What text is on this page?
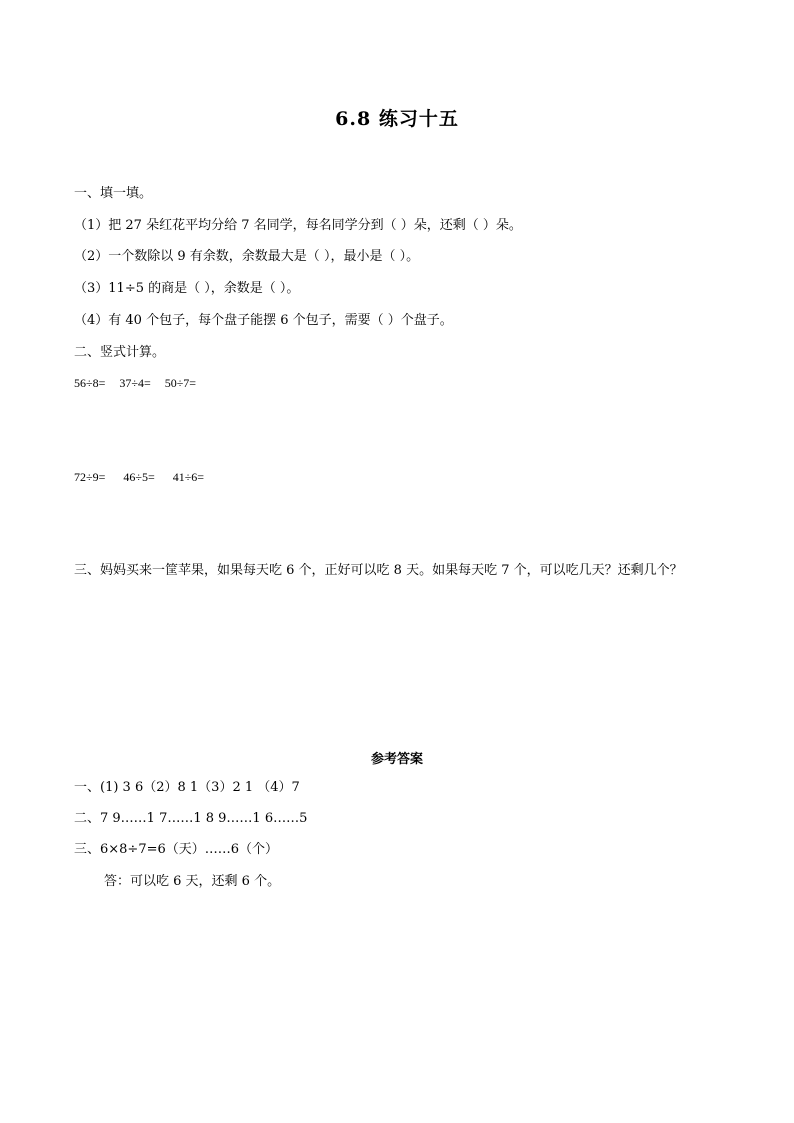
6.8 练习十五
一、填一填。
（1）把 27 朵红花平均分给 7 名同学，每名同学分到（ ）朵，还剩（ ）朵。
（2）一个数除以 9 有余数，余数最大是（ ），最小是（ ）。
（3）11÷5 的商是（ ），余数是（ ）。
（4）有 40 个包子，每个盘子能摆 6 个包子，需要（ ）个盘子。
二、竖式计算。
56÷8= 37÷4= 50÷7=
72÷9= 46÷5= 41÷6=
三、妈妈买来一筐苹果，如果每天吃 6 个，正好可以吃 8 天。如果每天吃 7 个，可以吃几天？还剩几个？
参考答案
一、(1) 3 6（2）8 1（3）2 1 （4）7
二、7 9……1 7……1 8 9……1 6……5
三、6×8÷7=6（天）……6（个）
答：可以吃 6 天，还剩 6 个。
